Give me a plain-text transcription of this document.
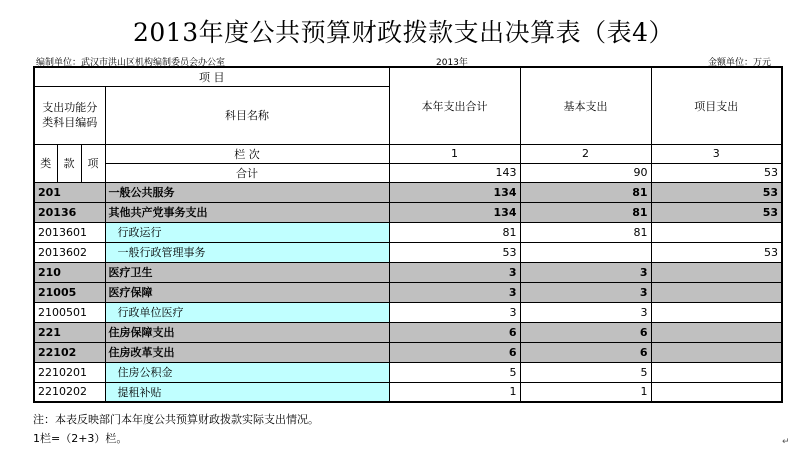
2013年度公共预算财政拨款支出决算表（表4）
编制单位：武汉市洪山区机构编制委员会办公室	2013年	金额单位：万元
项 目				本年支出合计	基本支出	项目支出
支出功能分类科目编码			科目名称			

类	款	项	栏 次	1	2	3
			合计	143	90	53
201			一般公共服务	134	81	53
20136			其他共产党事务支出	134	81	53
2013601			行政运行	81	81	
2013602			一般行政管理事务	53		53
210			医疗卫生	3	3	
21005			医疗保障	3	3	
2100501			行政单位医疗	3	3	
221			住房保障支出	6	6	
22102			住房改革支出	6	6	
2210201			住房公积金	5	5	
2210202			提租补贴	1	1	
注：本表反映部门本年度公共预算财政拨款实际支出情况。
1栏=（2+3）栏。	↵
